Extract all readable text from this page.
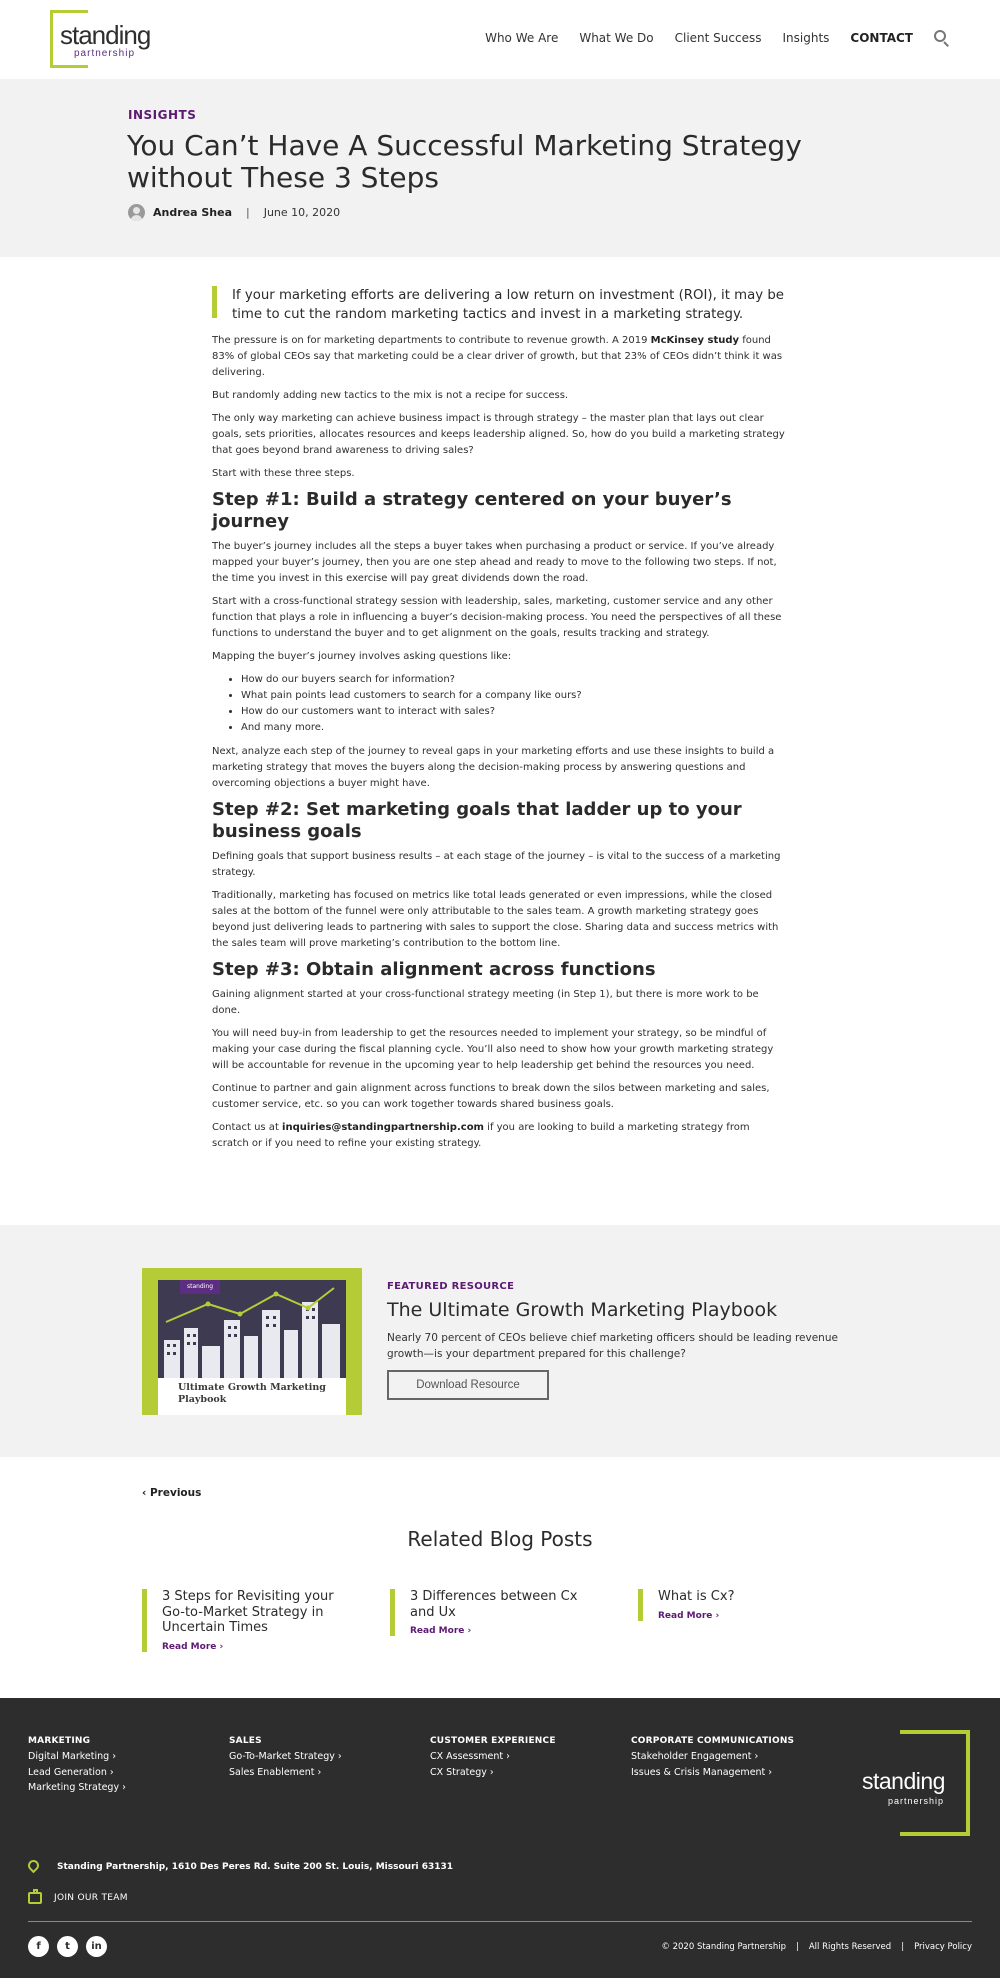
standing
partnership
Who We Are What We Do Client Success Insights CONTACT
INSIGHTS
You Can’t Have A Successful Marketing Strategy without These 3 Steps
Andrea Shea | June 10, 2020
If your marketing efforts are delivering a low return on investment (ROI), it may be time to cut the random marketing tactics and invest in a marketing strategy.

The pressure is on for marketing departments to contribute to revenue growth. A 2019 McKinsey study found 83% of global CEOs say that marketing could be a clear driver of growth, but that 23% of CEOs didn’t think it was delivering.

But randomly adding new tactics to the mix is not a recipe for success.

The only way marketing can achieve business impact is through strategy – the master plan that lays out clear goals, sets priorities, allocates resources and keeps leadership aligned. So, how do you build a marketing strategy that goes beyond brand awareness to driving sales?

Start with these three steps.

Step #1: Build a strategy centered on your buyer’s journey

The buyer’s journey includes all the steps a buyer takes when purchasing a product or service. If you’ve already mapped your buyer’s journey, then you are one step ahead and ready to move to the following two steps. If not, the time you invest in this exercise will pay great dividends down the road.

Start with a cross-functional strategy session with leadership, sales, marketing, customer service and any other function that plays a role in influencing a buyer’s decision-making process. You need the perspectives of all these functions to understand the buyer and to get alignment on the goals, results tracking and strategy.

Mapping the buyer’s journey involves asking questions like:

• How do our buyers search for information?
• What pain points lead customers to search for a company like ours?
• How do our customers want to interact with sales?
• And many more.

Next, analyze each step of the journey to reveal gaps in your marketing efforts and use these insights to build a marketing strategy that moves the buyers along the decision-making process by answering questions and overcoming objections a buyer might have.

Step #2: Set marketing goals that ladder up to your business goals

Defining goals that support business results – at each stage of the journey – is vital to the success of a marketing strategy.

Traditionally, marketing has focused on metrics like total leads generated or even impressions, while the closed sales at the bottom of the funnel were only attributable to the sales team. A growth marketing strategy goes beyond just delivering leads to partnering with sales to support the close. Sharing data and success metrics with the sales team will prove marketing’s contribution to the bottom line.

Step #3: Obtain alignment across functions

Gaining alignment started at your cross-functional strategy meeting (in Step 1), but there is more work to be done.

You will need buy-in from leadership to get the resources needed to implement your strategy, so be mindful of making your case during the fiscal planning cycle. You’ll also need to show how your growth marketing strategy will be accountable for revenue in the upcoming year to help leadership get behind the resources you need.

Continue to partner and gain alignment across functions to break down the silos between marketing and sales, customer service, etc. so you can work together towards shared business goals.

Contact us at inquiries@standingpartnership.com if you are looking to build a marketing strategy from scratch or if you need to refine your existing strategy.

standing
Ultimate Growth Marketing Playbook
FEATURED RESOURCE
The Ultimate Growth Marketing Playbook
Nearly 70 percent of CEOs believe chief marketing officers should be leading revenue growth—is your department prepared for this challenge?
Download Resource
‹ Previous
Related Blog Posts
3 Steps for Revisiting your Go-to-Market Strategy in Uncertain Times
Read More ›
3 Differences between Cx and Ux
Read More ›
What is Cx?
Read More ›
MARKETING
Digital Marketing ›
Lead Generation ›
Marketing Strategy ›
SALES
Go-To-Market Strategy ›
Sales Enablement ›
CUSTOMER EXPERIENCE
CX Assessment ›
CX Strategy ›
CORPORATE COMMUNICATIONS
Stakeholder Engagement ›
Issues & Crisis Management ›	standing
partnership
Standing Partnership, 1610 Des Peres Rd. Suite 200 St. Louis, Missouri 63131
JOIN OUR TEAM
f	t	in	© 2020 Standing Partnership | All Rights Reserved | Privacy Policy
